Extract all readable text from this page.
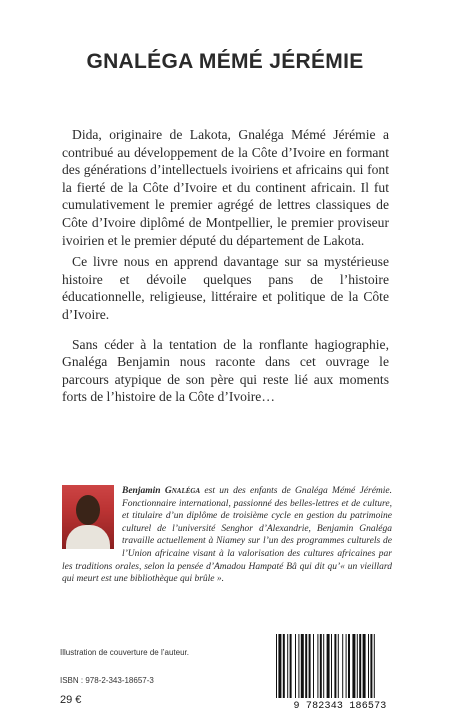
GNALÉGA MÉMÉ JÉRÉMIE

Dida, originaire de Lakota, Gnaléga Mémé Jérémie a contribué au développement de la Côte d’Ivoire en formant des générations d’intellectuels ivoiriens et africains qui font la fierté de la Côte d’Ivoire et du continent africain. Il fut cumulativement le premier agrégé de lettres classiques de Côte d’Ivoire diplômé de Montpellier, le premier proviseur ivoirien et le premier député du département de Lakota.

Ce livre nous en apprend davantage sur sa mystérieuse histoire et dévoile quelques pans de l’histoire éducationnelle, religieuse, littéraire et politique de la Côte d’Ivoire.

Sans céder à la tentation de la ronflante hagiographie, Gnaléga Benjamin nous raconte dans cet ouvrage le parcours atypique de son père qui reste lié aux moments forts de l’histoire de la Côte d’Ivoire…

Benjamin Gnaléga est un des enfants de Gnaléga Mémé Jérémie. Fonctionnaire international, passionné des belles-lettres et de culture, et titulaire d’un diplôme de troisième cycle en gestion du patrimoine culturel de l’université Senghor d’Alexandrie, Benjamin Gnaléga travaille actuellement à Niamey sur l’un des programmes culturels de l’Union africaine visant à la valorisation des cultures africaines par les traditions orales, selon la pensée d’Amadou Hampaté Bâ qui dit qu’« un vieillard qui meurt est une bibliothèque qui brûle ».

Illustration de couverture de l’auteur.
ISBN : 978-2-343-18657-3
29 €
9 782343 186573
